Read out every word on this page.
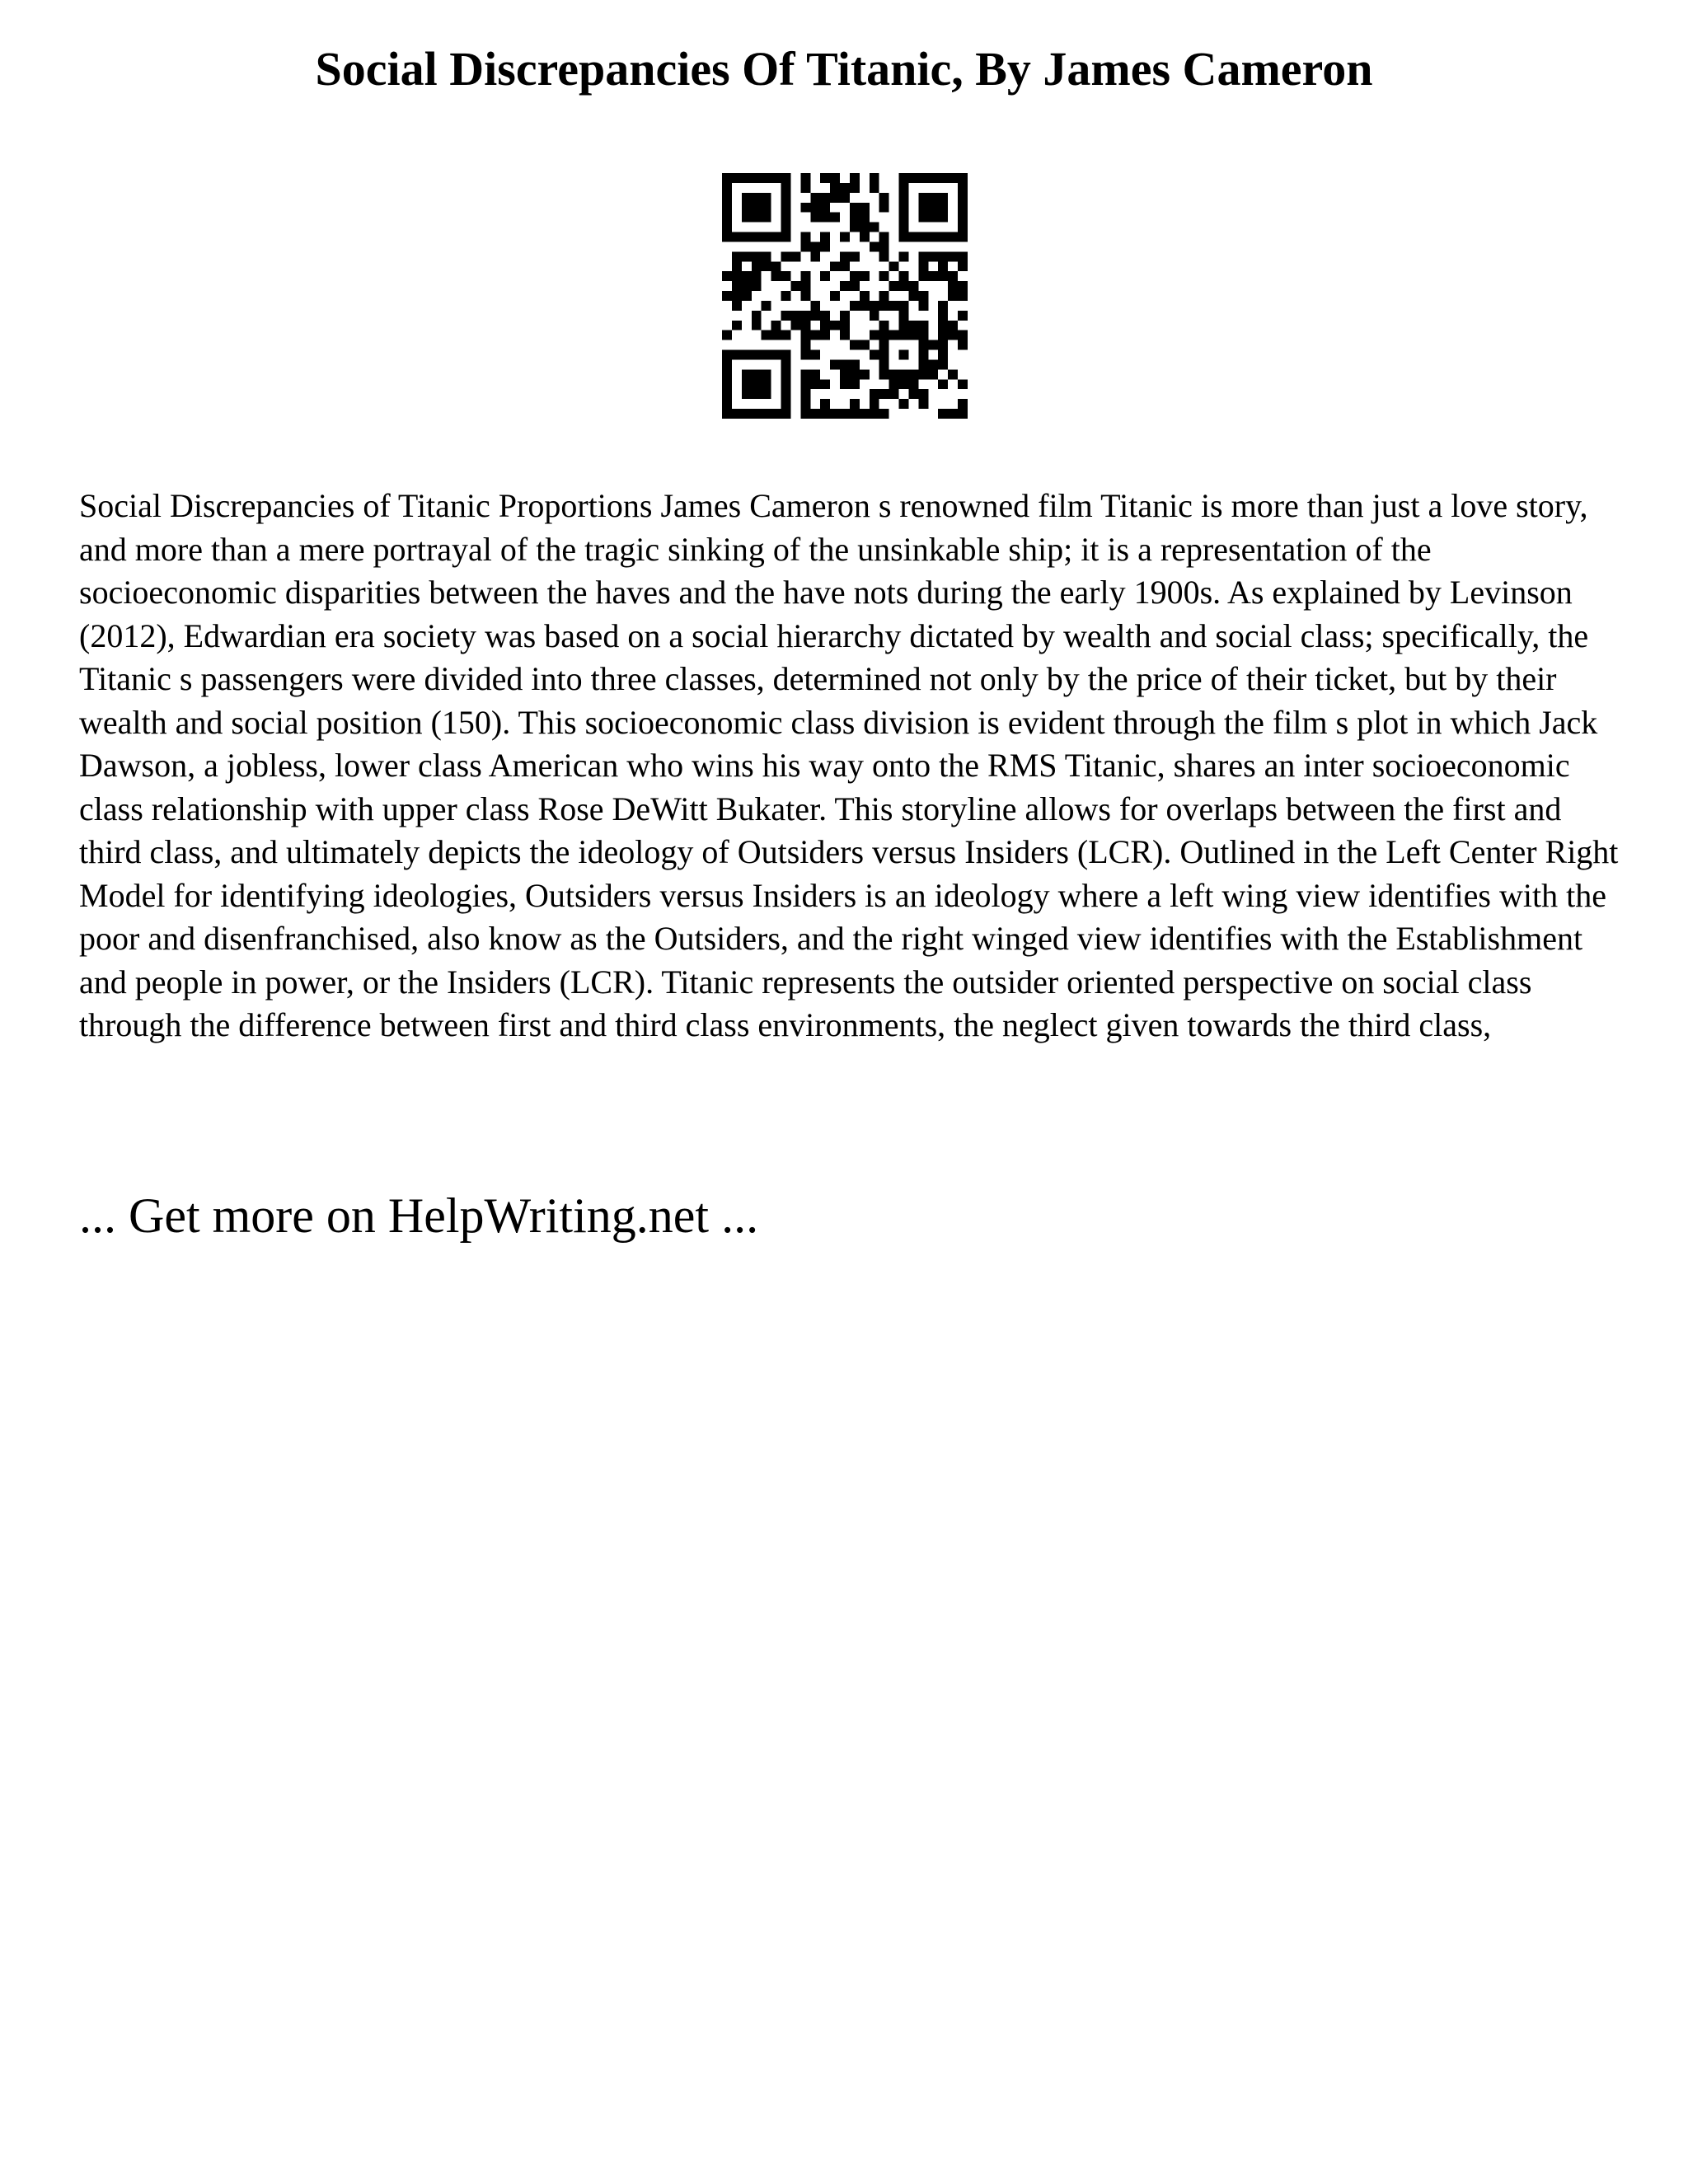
Social Discrepancies Of Titanic, By James Cameron

Social Discrepancies of Titanic Proportions James Cameron s renowned film Titanic is more than just a love story, and more than a mere portrayal of the tragic sinking of the unsinkable ship; it is a representation of the socioeconomic disparities between the haves and the have nots during the early 1900s. As explained by Levinson (2012), Edwardian era society was based on a social hierarchy dictated by wealth and social class; specifically, the Titanic s passengers were divided into three classes, determined not only by the price of their ticket, but by their wealth and social position (150). This socioeconomic class division is evident through the film s plot in which Jack Dawson, a jobless, lower class American who wins his way onto the RMS Titanic, shares an inter socioeconomic class relationship with upper class Rose DeWitt Bukater. This storyline allows for overlaps between the first and third class, and ultimately depicts the ideology of Outsiders versus Insiders (LCR). Outlined in the Left Center Right Model for identifying ideologies, Outsiders versus Insiders is an ideology where a left wing view identifies with the poor and disenfranchised, also know as the Outsiders, and the right winged view identifies with the Establishment and people in power, or the Insiders (LCR). Titanic represents the outsider oriented perspective on social class through the difference between first and third class environments, the neglect given towards the third class,

... Get more on HelpWriting.net ...
